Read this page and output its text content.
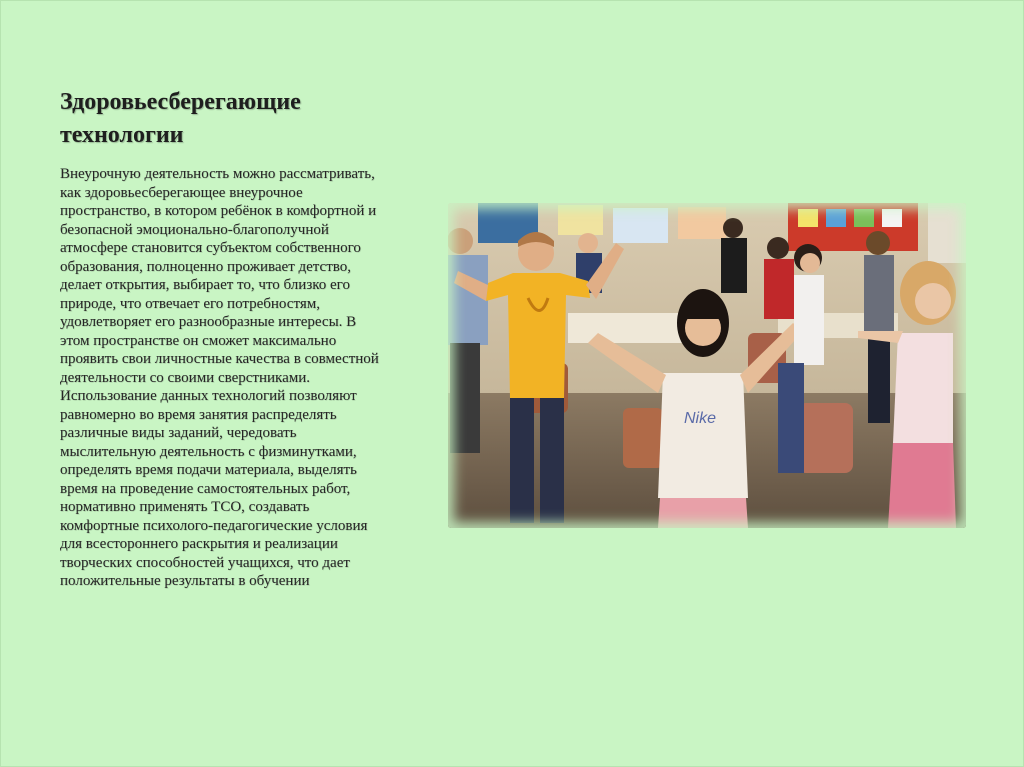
Здоровьесберегающие технологии

Внеурочную деятельность можно рассматривать, как здоровьесберегающее внеурочное пространство, в котором ребёнок в комфортной и безопасной эмоционально-благополучной атмосфере становится субъектом собственного образования, полноценно проживает детство, делает открытия, выбирает то, что близко его природе, что отвечает его потребностям, удовлетворяет его разнообразные интересы. В этом пространстве он сможет максимально проявить свои личностные качества в совместной деятельности со своими сверстниками. Использование данных технологий позволяют равномерно во время занятия распределять различные виды заданий, чередовать мыслительную деятельность с физминутками, определять время подачи материала, выделять время на проведение самостоятельных работ, нормативно применять ТСО, создавать комфортные психолого-педагогические условия для всестороннего раскрытия и реализации творческих способностей учащихся, что дает положительные результаты в обучении

Nike
